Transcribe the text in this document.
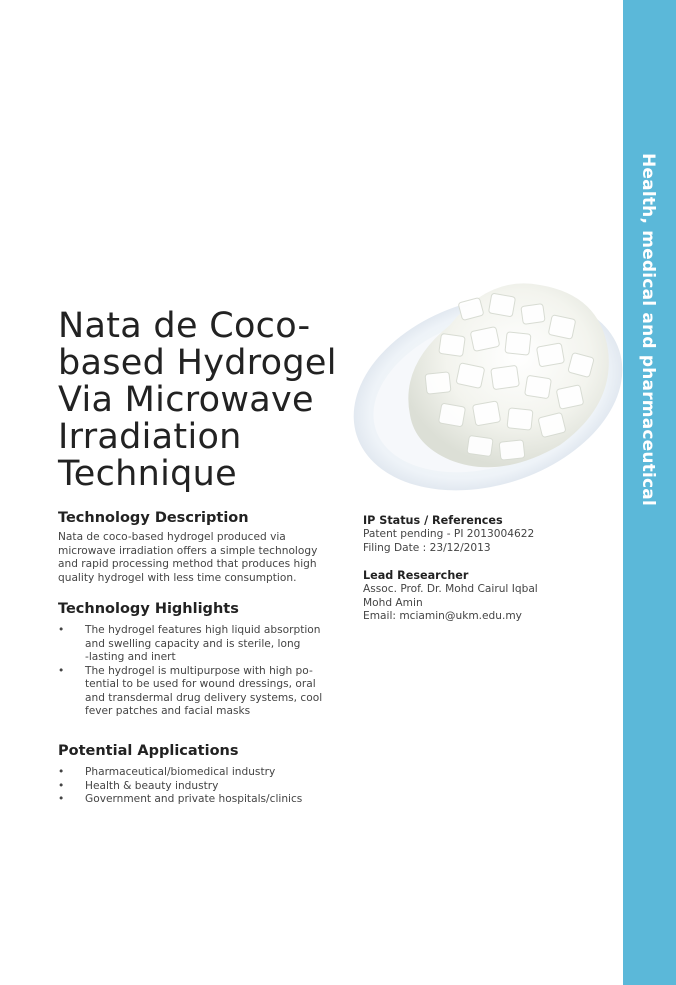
Health, medical and pharmaceutical
Nata de Coco-
based Hydrogel
Via Microwave
Irradiation
Technique
Technology Description

Nata de coco-based hydrogel produced via
microwave irradiation offers a simple technology
and rapid processing method that produces high
quality hydrogel with less time consumption.

Technology Highlights
• The hydrogel features high liquid absorption
and swelling capacity and is sterile, long
-lasting and inert
• The hydrogel is multipurpose with high po-
tential to be used for wound dressings, oral
and transdermal drug delivery systems, cool
fever patches and facial masks
Potential Applications
• Pharmaceutical/biomedical industry
• Health & beauty industry
• Government and private hospitals/clinics

IP Status / References

Patent pending - PI 2013004622
Filing Date : 23/12/2013

Lead Researcher

Assoc. Prof. Dr. Mohd Cairul Iqbal
Mohd Amin
Email: mciamin@ukm.edu.my
